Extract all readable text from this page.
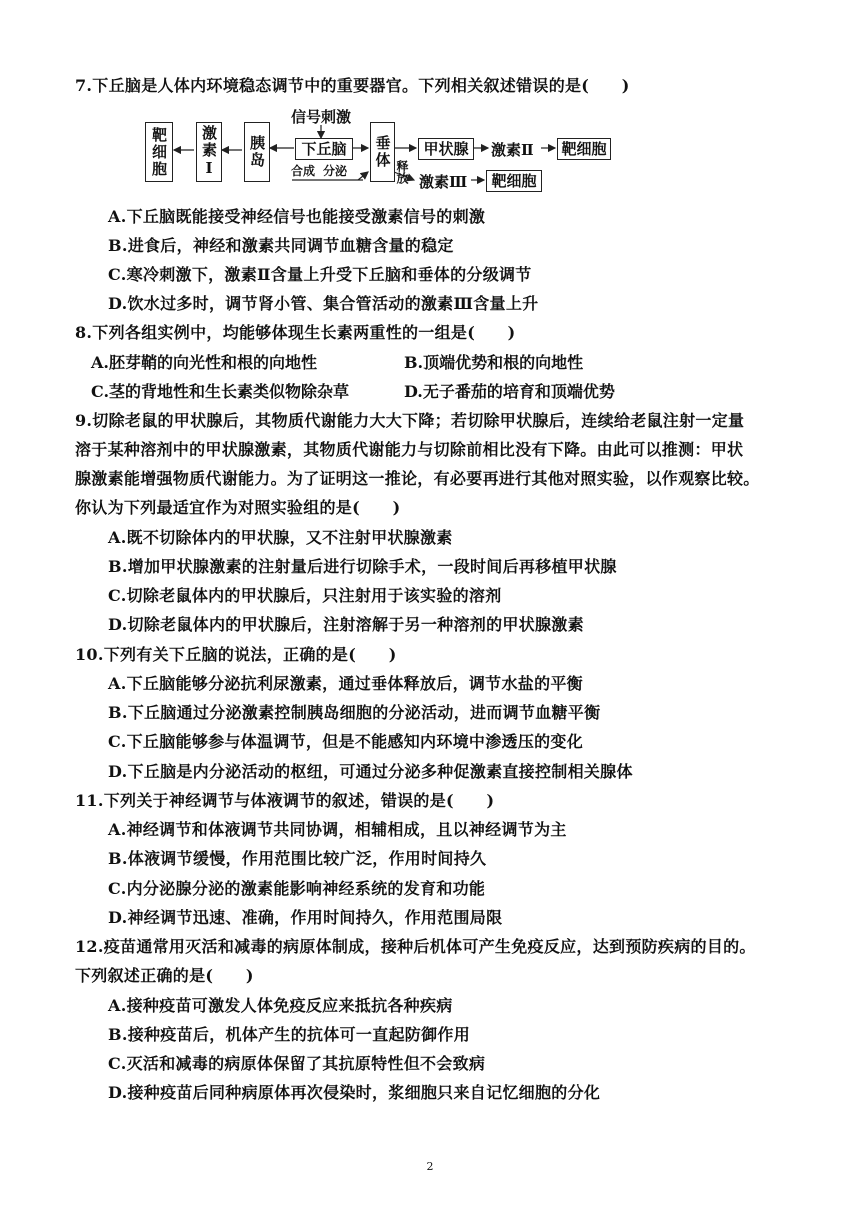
7.下丘脑是人体内环境稳态调节中的重要器官。下列相关叙述错误的是(　　)
靶细胞	激素Ⅰ 胰岛
信号刺激
下丘脑
合成 分泌
垂体
释放
甲状腺	激素Ⅱ 靶细胞
激素Ⅲ	靶细胞
A.下丘脑既能接受神经信号也能接受激素信号的刺激
B.进食后，神经和激素共同调节血糖含量的稳定
C.寒冷刺激下，激素Ⅱ含量上升受下丘脑和垂体的分级调节
D.饮水过多时，调节肾小管、集合管活动的激素Ⅲ含量上升
8.下列各组实例中，均能够体现生长素两重性的一组是(　　)
A.胚芽鞘的向光性和根的向地性	B.顶端优势和根的向地性
C.茎的背地性和生长素类似物除杂草	D.无子番茄的培育和顶端优势
9.切除老鼠的甲状腺后，其物质代谢能力大大下降；若切除甲状腺后，连续给老鼠注射一定量
溶于某种溶剂中的甲状腺激素，其物质代谢能力与切除前相比没有下降。由此可以推测：甲状
腺激素能增强物质代谢能力。为了证明这一推论，有必要再进行其他对照实验，以作观察比较。
你认为下列最适宜作为对照实验组的是(　　)
A.既不切除体内的甲状腺，又不注射甲状腺激素
B.增加甲状腺激素的注射量后进行切除手术，一段时间后再移植甲状腺
C.切除老鼠体内的甲状腺后，只注射用于该实验的溶剂
D.切除老鼠体内的甲状腺后，注射溶解于另一种溶剂的甲状腺激素
10.下列有关下丘脑的说法，正确的是(　　)
A.下丘脑能够分泌抗利尿激素，通过垂体释放后，调节水盐的平衡
B.下丘脑通过分泌激素控制胰岛细胞的分泌活动，进而调节血糖平衡
C.下丘脑能够参与体温调节，但是不能感知内环境中渗透压的变化
D.下丘脑是内分泌活动的枢纽，可通过分泌多种促激素直接控制相关腺体
11.下列关于神经调节与体液调节的叙述，错误的是(　　)
A.神经调节和体液调节共同协调，相辅相成，且以神经调节为主
B.体液调节缓慢，作用范围比较广泛，作用时间持久
C.内分泌腺分泌的激素能影响神经系统的发育和功能
D.神经调节迅速、准确，作用时间持久，作用范围局限
12.疫苗通常用灭活和减毒的病原体制成，接种后机体可产生免疫反应，达到预防疾病的目的。
下列叙述正确的是(　　)
A.接种疫苗可激发人体免疫反应来抵抗各种疾病
B.接种疫苗后，机体产生的抗体可一直起防御作用
C.灭活和减毒的病原体保留了其抗原特性但不会致病
D.接种疫苗后同种病原体再次侵染时，浆细胞只来自记忆细胞的分化
2
